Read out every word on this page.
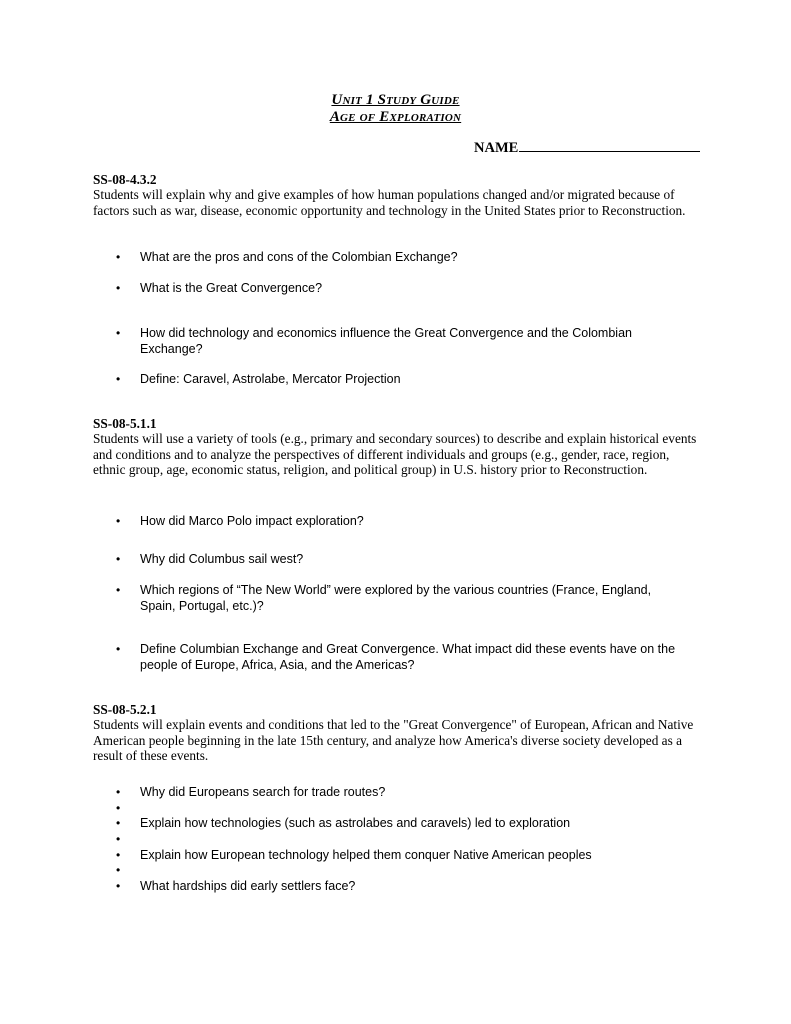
Unit 1 Study Guide
Age of Exploration
NAME
SS-08-4.3.2
Students will explain why and give examples of how human populations changed and/or migrated because of factors such as war, disease, economic opportunity and technology in the United States prior to Reconstruction.
• What are the pros and cons of the Colombian Exchange?
• What is the Great Convergence?
• How did technology and economics influence the Great Convergence and the Colombian Exchange?
• Define: Caravel, Astrolabe, Mercator Projection
SS-08-5.1.1
Students will use a variety of tools (e.g., primary and secondary sources) to describe and explain historical events and conditions and to analyze the perspectives of different individuals and groups (e.g., gender, race, region, ethnic group, age, economic status, religion, and political group) in U.S. history prior to Reconstruction.
• How did Marco Polo impact exploration?
• Why did Columbus sail west?
• Which regions of “The New World” were explored by the various countries (France, England, Spain, Portugal, etc.)?
• Define Columbian Exchange and Great Convergence. What impact did these events have on the people of Europe, Africa, Asia, and the Americas?
SS-08-5.2.1
Students will explain events and conditions that led to the "Great Convergence" of European, African and Native American people beginning in the late 15th century, and analyze how America's diverse society developed as a result of these events.
• Why did Europeans search for trade routes?
•
• Explain how technologies (such as astrolabes and caravels) led to exploration
•
• Explain how European technology helped them conquer Native American peoples
•
• What hardships did early settlers face?
